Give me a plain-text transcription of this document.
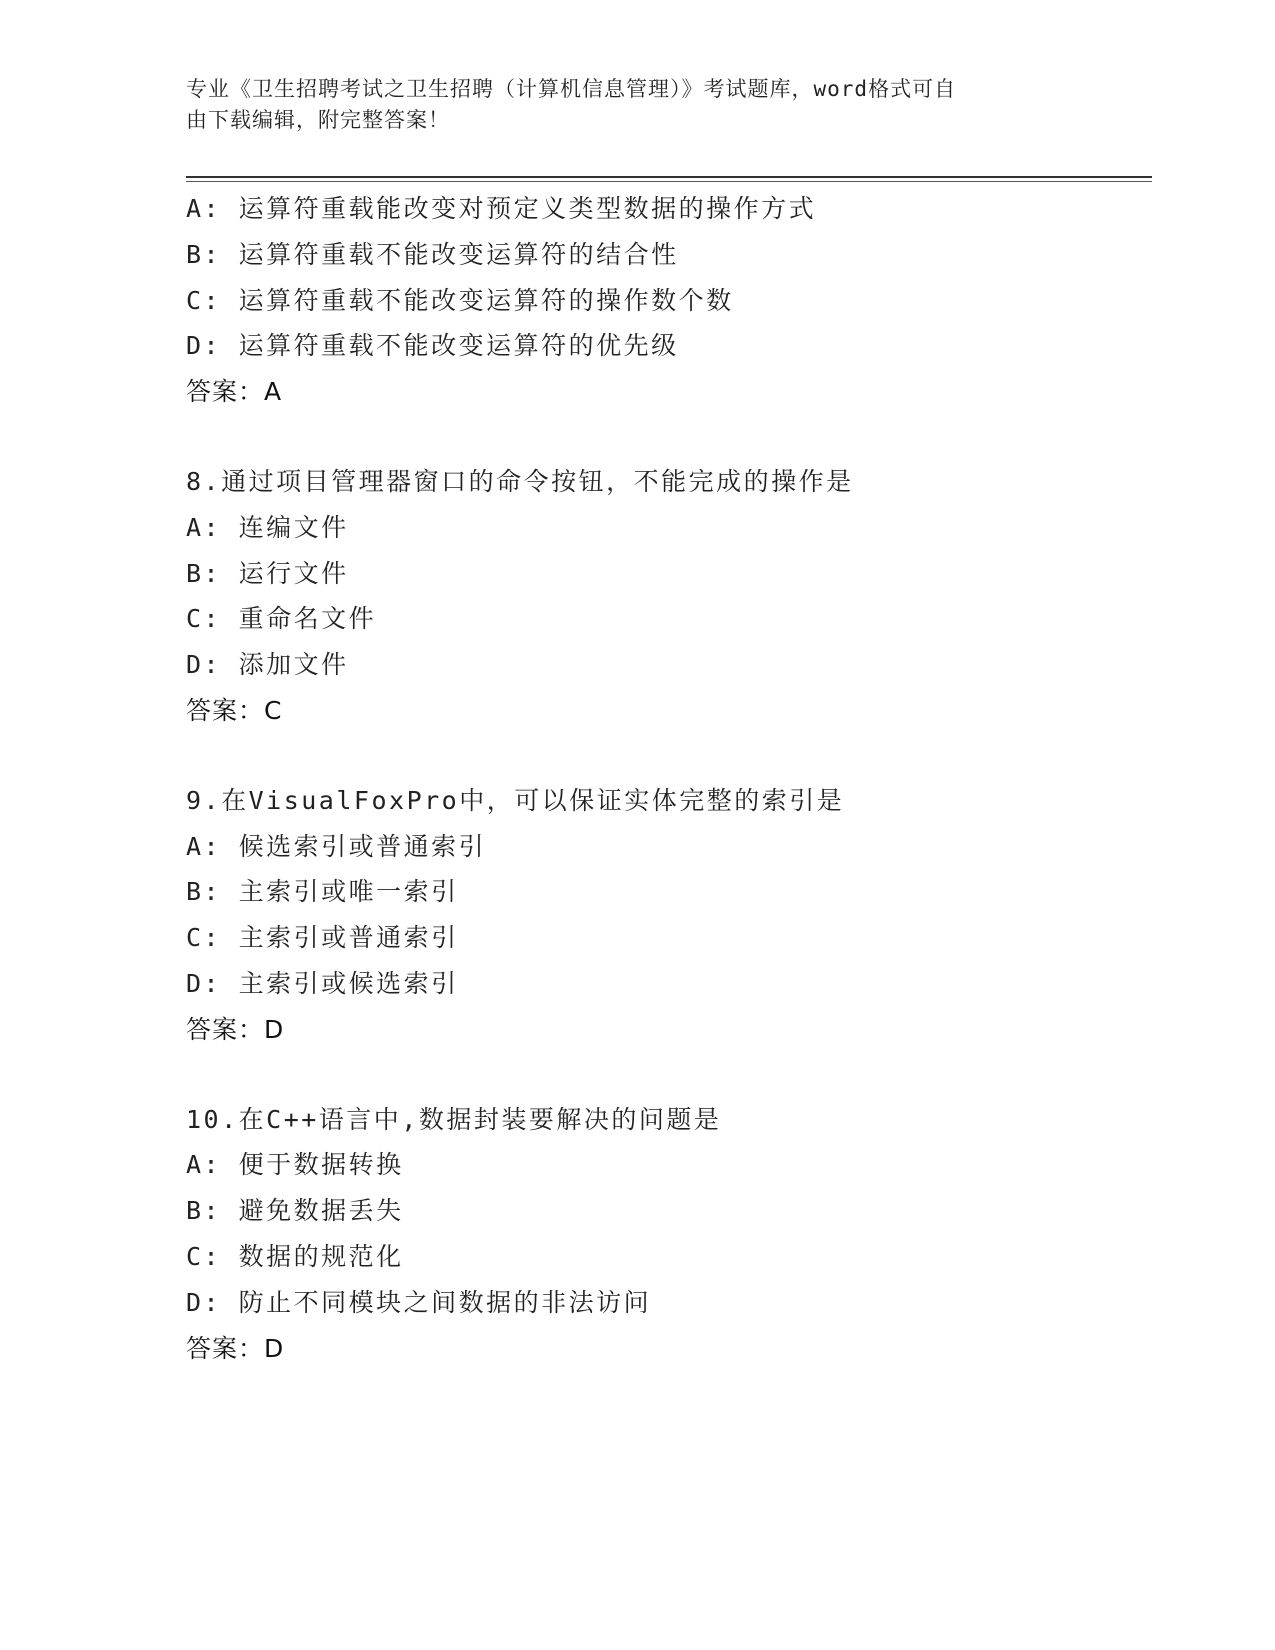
专业《卫生招聘考试之卫生招聘（计算机信息管理）》考试题库，word格式可自
由下载编辑，附完整答案！
A: 运算符重载能改变对预定义类型数据的操作方式
B: 运算符重载不能改变运算符的结合性
C: 运算符重载不能改变运算符的操作数个数
D: 运算符重载不能改变运算符的优先级
答案：A
8.通过项目管理器窗口的命令按钮，不能完成的操作是
A: 连编文件
B: 运行文件
C: 重命名文件
D: 添加文件
答案：C
9.在VisualFoxPro中，可以保证实体完整的索引是
A: 候选索引或普通索引
B: 主索引或唯一索引
C: 主索引或普通索引
D: 主索引或候选索引
答案：D
10.在C++语言中,数据封装要解决的问题是
A: 便于数据转换
B: 避免数据丢失
C: 数据的规范化
D: 防止不同模块之间数据的非法访问
答案：D
